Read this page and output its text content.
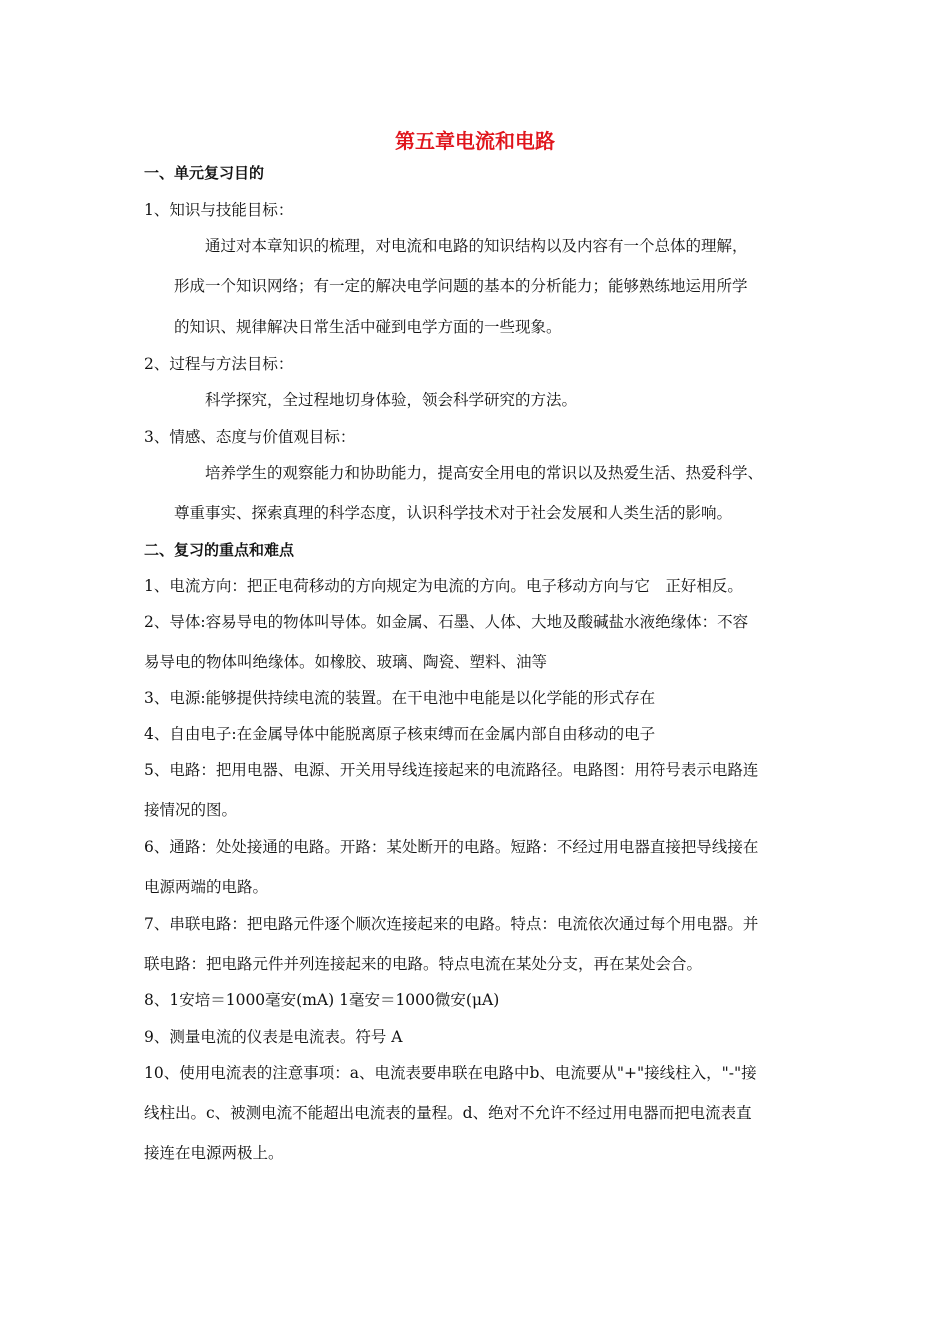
第五章电流和电路
一、单元复习目的
1、知识与技能目标：
通过对本章知识的梳理，对电流和电路的知识结构以及内容有一个总体的理解，
形成一个知识网络；有一定的解决电学问题的基本的分析能力；能够熟练地运用所学
的知识、规律解决日常生活中碰到电学方面的一些现象。
2、过程与方法目标：
科学探究，全过程地切身体验，领会科学研究的方法。
3、情感、态度与价值观目标：
培养学生的观察能力和协助能力，提高安全用电的常识以及热爱生活、热爱科学、
尊重事实、探索真理的科学态度，认识科学技术对于社会发展和人类生活的影响。
二、复习的重点和难点
1、电流方向：把正电荷移动的方向规定为电流的方向。电子移动方向与它　正好相反。
2、导体:容易导电的物体叫导体。如金属、石墨、人体、大地及酸碱盐水液绝缘体：不容
易导电的物体叫绝缘体。如橡胶、玻璃、陶瓷、塑料、油等
3、电源:能够提供持续电流的装置。在干电池中电能是以化学能的形式存在
4、自由电子:在金属导体中能脱离原子核束缚而在金属内部自由移动的电子
5、电路：把用电器、电源、开关用导线连接起来的电流路径。电路图：用符号表示电路连
接情况的图。
6、通路：处处接通的电路。开路：某处断开的电路。短路：不经过用电器直接把导线接在
电源两端的电路。
7、串联电路：把电路元件逐个顺次连接起来的电路。特点：电流依次通过每个用电器。并
联电路：把电路元件并列连接起来的电路。特点电流在某处分支，再在某处会合。
8、1安培＝1000毫安(mA) 1毫安＝1000微安(μA)
9、测量电流的仪表是电流表。符号 A
10、使用电流表的注意事项：a、电流表要串联在电路中b、电流要从"+"接线柱入，"-"接
线柱出。c、被测电流不能超出电流表的量程。d、绝对不允许不经过用电器而把电流表直
接连在电源两极上。
